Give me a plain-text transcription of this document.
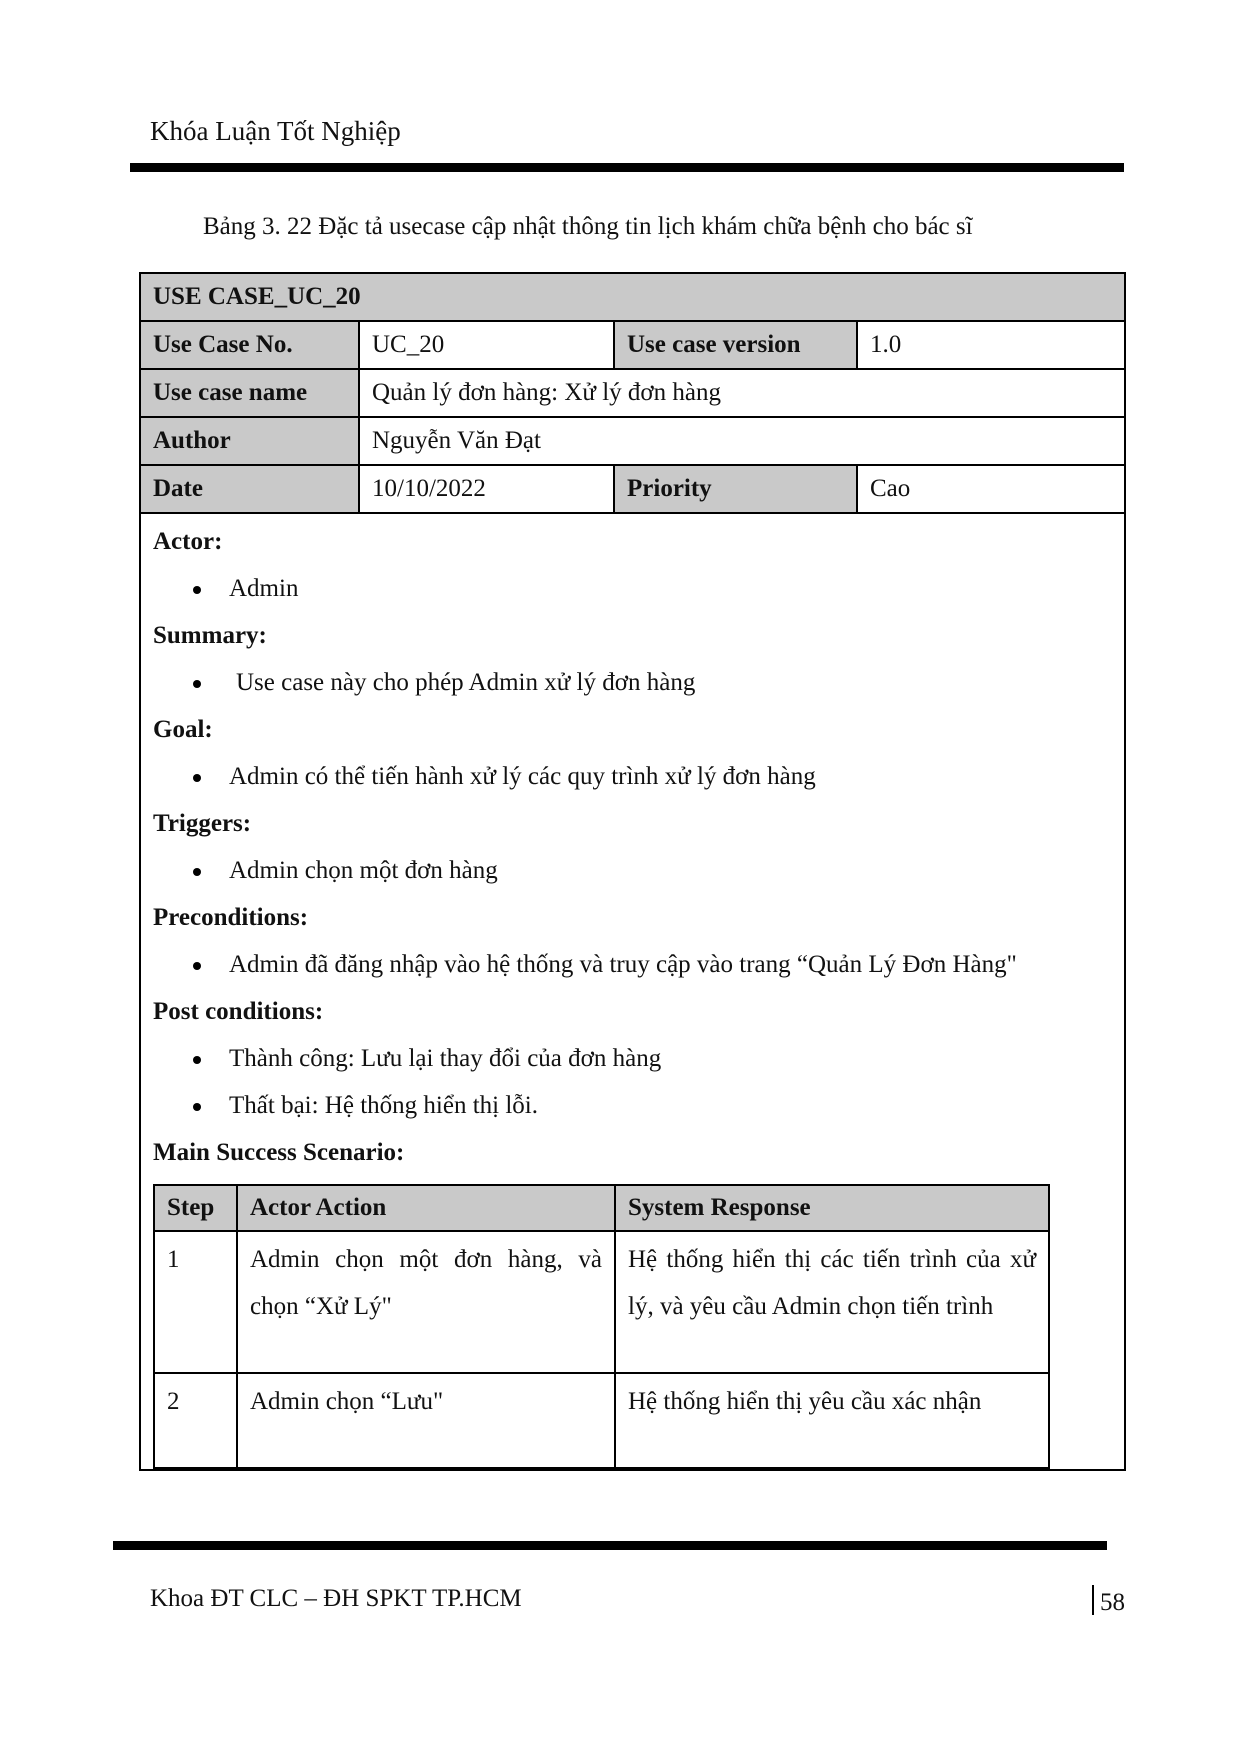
Khóa Luận Tốt Nghiệp
Bảng 3. 22 Đặc tả usecase cập nhật thông tin lịch khám chữa bệnh cho bác sĩ
USE CASE_UC_20
Use Case No.	UC_20	Use case version	1.0
Use case name	Quản lý đơn hàng: Xử lý đơn hàng
Author	Nguyễn Văn Đạt
Date	10/10/2022	Priority	Cao

Actor:
Admin
Summary:
Use case này cho phép Admin xử lý đơn hàng
Goal:
Admin có thể tiến hành xử lý các quy trình xử lý đơn hàng
Triggers:
Admin chọn một đơn hàng
Preconditions:
Admin đã đăng nhập vào hệ thống và truy cập vào trang “Quản Lý Đơn Hàng"
Post conditions:
Thành công: Lưu lại thay đổi của đơn hàng
Thất bại: Hệ thống hiển thị lỗi.
Main Success Scenario:
Step	Actor Action	System Response
1	Admin chọn một đơn hàng, và chọn “Xử Lý"	Hệ thống hiển thị các tiến trình của xử lý, và yêu cầu Admin chọn tiến trình
2	Admin chọn “Lưu"	Hệ thống hiển thị yêu cầu xác nhận
Khoa ĐT CLC – ĐH SPKT TP.HCM	58
